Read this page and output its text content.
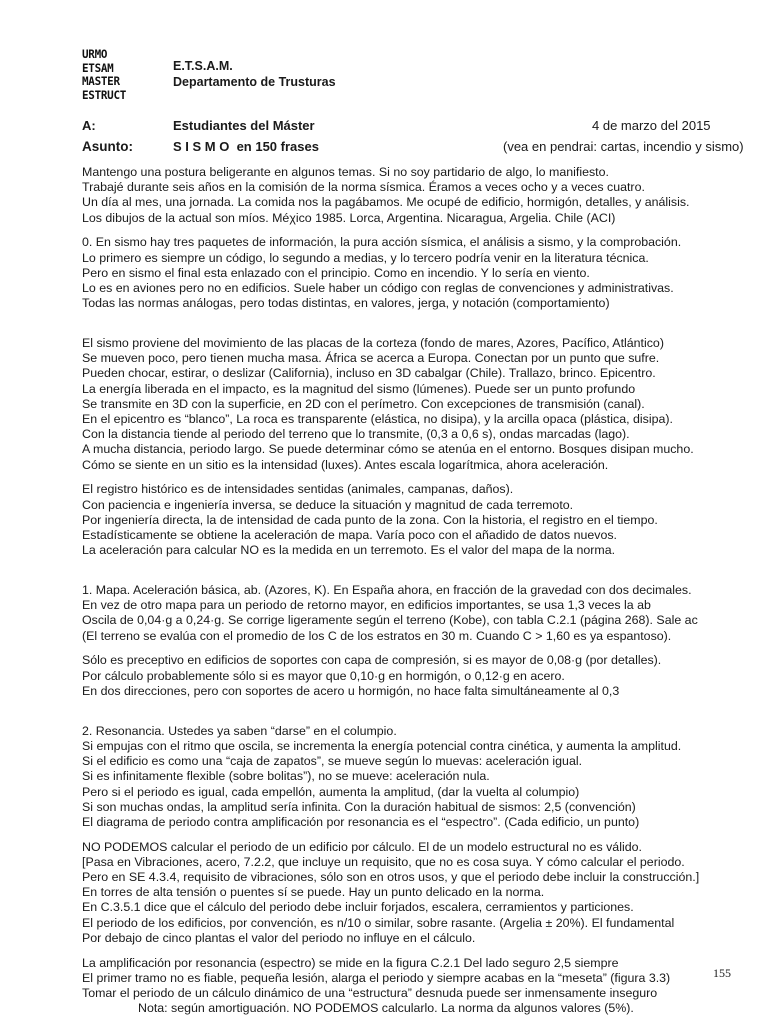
URMO
ETSAM
MASTER
ESTRUCT
E.T.S.A.M.
Departamento de Trusturas
A:	Estudiantes del Máster	4 de marzo del 2015
Asunto:	S I S M O  en 150 frases	(vea en pendrai: cartas, incendio y sismo)

Mantengo una postura beligerante en algunos temas. Si no soy partidario de algo, lo manifiesto.

Trabajé durante seis años en la comisión de la norma sísmica. Éramos a veces ocho y a veces cuatro.

Un día al mes, una jornada. La comida nos la pagábamos. Me ocupé de edificio, hormigón, detalles, y análisis.

Los dibujos de la actual son míos. Méχico 1985. Lorca, Argentina. Nicaragua, Argelia. Chile (ACI)

0. En sismo hay tres paquetes de información, la pura acción sísmica, el análisis a sismo, y la comprobación.

Lo primero es siempre un código, lo segundo a medias, y lo tercero podría venir en la literatura técnica.

Pero en sismo el final esta enlazado con el principio. Como en incendio. Y lo sería en viento.

Lo es en aviones pero no en edificios. Suele haber un código con reglas de convenciones y administrativas.

Todas las normas análogas, pero todas distintas, en valores, jerga, y notación (comportamiento)

El sismo proviene del movimiento de las placas de la corteza (fondo de mares, Azores, Pacífico, Atlántico)

Se mueven poco, pero tienen mucha masa. África se acerca a Europa. Conectan por un punto que sufre.

Pueden chocar, estirar, o deslizar (California), incluso en 3D cabalgar (Chile). Trallazo, brinco. Epicentro.

La energía liberada en el impacto, es la magnitud del sismo (lúmenes). Puede ser un punto profundo

Se transmite en 3D con la superficie, en 2D con el perímetro. Con excepciones de transmisión (canal).

En el epicentro es “blanco”, La roca es transparente (elástica, no disipa), y la arcilla opaca (plástica, disipa).

Con la distancia tiende al periodo del terreno que lo transmite, (0,3 a 0,6 s), ondas marcadas (lago).

A mucha distancia, periodo largo. Se puede determinar cómo se atenúa en el entorno. Bosques disipan mucho.

Cómo se siente en un sitio es la intensidad (luxes). Antes escala logarítmica, ahora aceleración.

El registro histórico es de intensidades sentidas (animales, campanas, daños).

Con paciencia e ingeniería inversa, se deduce la situación y magnitud de cada terremoto.

Por ingeniería directa, la de intensidad de cada punto de la zona. Con la historia, el registro en el tiempo.

Estadísticamente se obtiene la aceleración de mapa. Varía poco con el añadido de datos nuevos.

La aceleración para calcular NO es la medida en un terremoto. Es el valor del mapa de la norma.

1. Mapa. Aceleración básica, ab. (Azores, K). En España ahora, en fracción de la gravedad con dos decimales.

En vez de otro mapa para un periodo de retorno mayor, en edificios importantes, se usa 1,3 veces la ab

Oscila de 0,04·g a 0,24·g. Se corrige ligeramente según el terreno (Kobe), con tabla C.2.1 (página 268). Sale ac

(El terreno se evalúa con el promedio de los C de los estratos en 30 m. Cuando C > 1,60 es ya espantoso).

Sólo es preceptivo en edificios de soportes con capa de compresión, si es mayor de 0,08·g (por detalles).

Por cálculo probablemente sólo si es mayor que 0,10·g en hormigón, o 0,12·g en acero.

En dos direcciones, pero con soportes de acero u hormigón, no hace falta simultáneamente al 0,3

2. Resonancia. Ustedes ya saben “darse” en el columpio.

Si empujas con el ritmo que oscila, se incrementa la energía potencial contra cinética, y aumenta la amplitud.

Si el edificio es como una “caja de zapatos”, se mueve según lo muevas: aceleración igual.

Si es infinitamente flexible (sobre bolitas”), no se mueve: aceleración nula.

Pero si el periodo es igual, cada empellón, aumenta la amplitud, (dar la vuelta al columpio)

Si son muchas ondas, la amplitud sería infinita. Con la duración habitual de sismos: 2,5 (convención)

El diagrama de periodo contra amplificación por resonancia es el “espectro”. (Cada edificio, un punto)

NO PODEMOS calcular el periodo de un edificio por cálculo. El de un modelo estructural no es válido.

[Pasa en Vibraciones, acero, 7.2.2, que incluye un requisito, que no es cosa suya. Y cómo calcular el periodo.

Pero en SE 4.3.4, requisito de vibraciones, sólo son en otros usos, y que el periodo debe incluir la construcción.]

En torres de alta tensión o puentes sí se puede. Hay un punto delicado en la norma.

En C.3.5.1 dice que el cálculo del periodo debe incluir forjados, escalera, cerramientos y particiones.

El periodo de los edificios, por convención, es n/10 o similar, sobre rasante. (Argelia ± 20%). El fundamental

Por debajo de cinco plantas el valor del periodo no influye en el cálculo.

La amplificación por resonancia (espectro) se mide en la figura C.2.1 Del lado seguro 2,5 siempre

El primer tramo no es fiable, pequeña lesión, alarga el periodo y siempre acabas en la “meseta” (figura 3.3)

Tomar el periodo de un cálculo dinámico de una “estructura” desnuda puede ser inmensamente inseguro

Nota: según amortiguación. NO PODEMOS calcularlo. La norma da algunos valores (5%).

155
